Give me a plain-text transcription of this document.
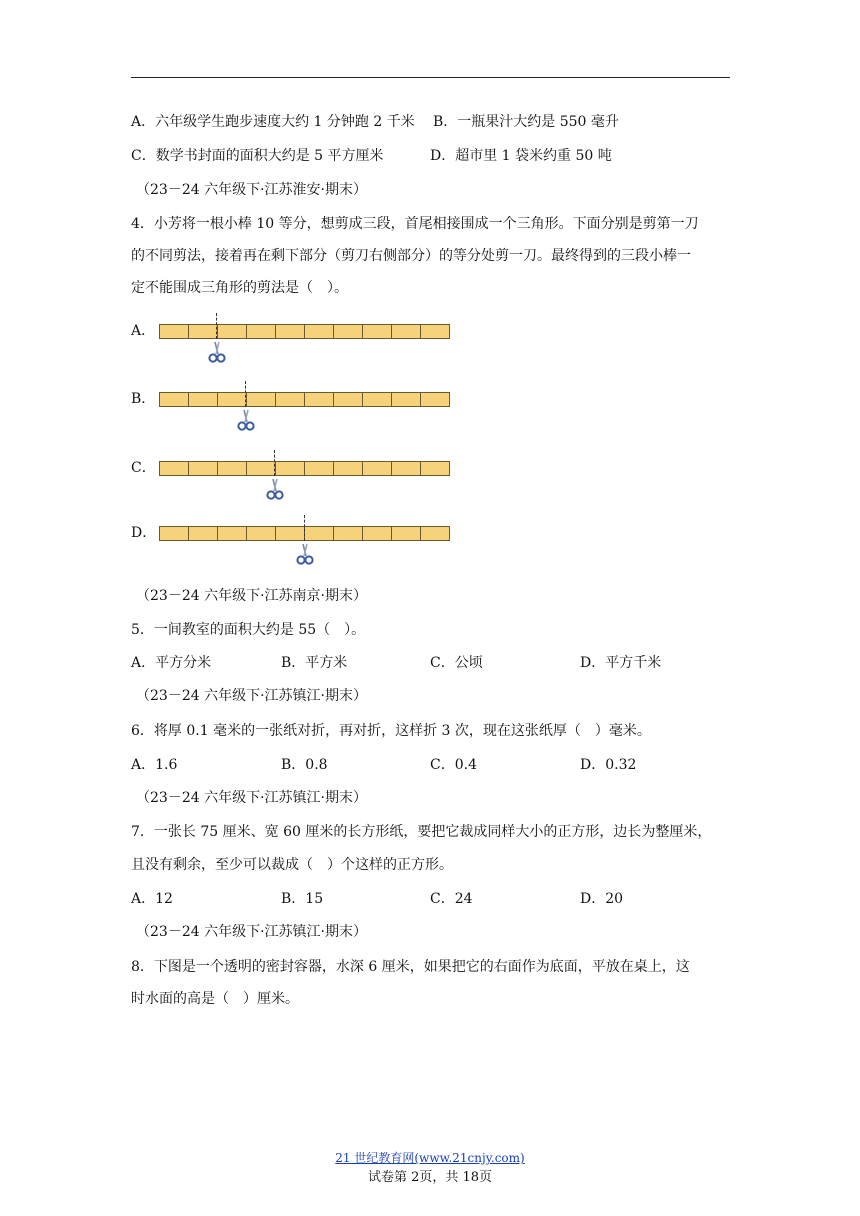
A．六年级学生跑步速度大约 1 分钟跑 2 千米 B．一瓶果汁大约是 550 毫升
C．数学书封面的面积大约是 5 平方厘米	D．超市里 1 袋米约重 50 吨
（23－24 六年级下·江苏淮安·期末）
4．小芳将一根小棒 10 等分，想剪成三段，首尾相接围成一个三角形。下面分别是剪第一刀
的不同剪法，接着再在剩下部分（剪刀右侧部分）的等分处剪一刀。最终得到的三段小棒一
定不能围成三角形的剪法是（　）。
A．
B．
C．
D．
（23－24 六年级下·江苏南京·期末）
5．一间教室的面积大约是 55（　）。
A．平方分米	B．平方米	C．公顷	D．平方千米
（23－24 六年级下·江苏镇江·期末）
6．将厚 0.1 毫米的一张纸对折，再对折，这样折 3 次，现在这张纸厚（　）毫米。
A．1.6	B．0.8	C．0.4	D．0.32
（23－24 六年级下·江苏镇江·期末）
7．一张长 75 厘米、宽 60 厘米的长方形纸，要把它裁成同样大小的正方形，边长为整厘米，
且没有剩余，至少可以裁成（　）个这样的正方形。
A．12	B．15	C．24	D．20
（23－24 六年级下·江苏镇江·期末）
8．下图是一个透明的密封容器，水深 6 厘米，如果把它的右面作为底面，平放在桌上，这
时水面的高是（　）厘米。
21 世纪教育网(www.21cnjy.com)
试卷第 2页，共 18页
